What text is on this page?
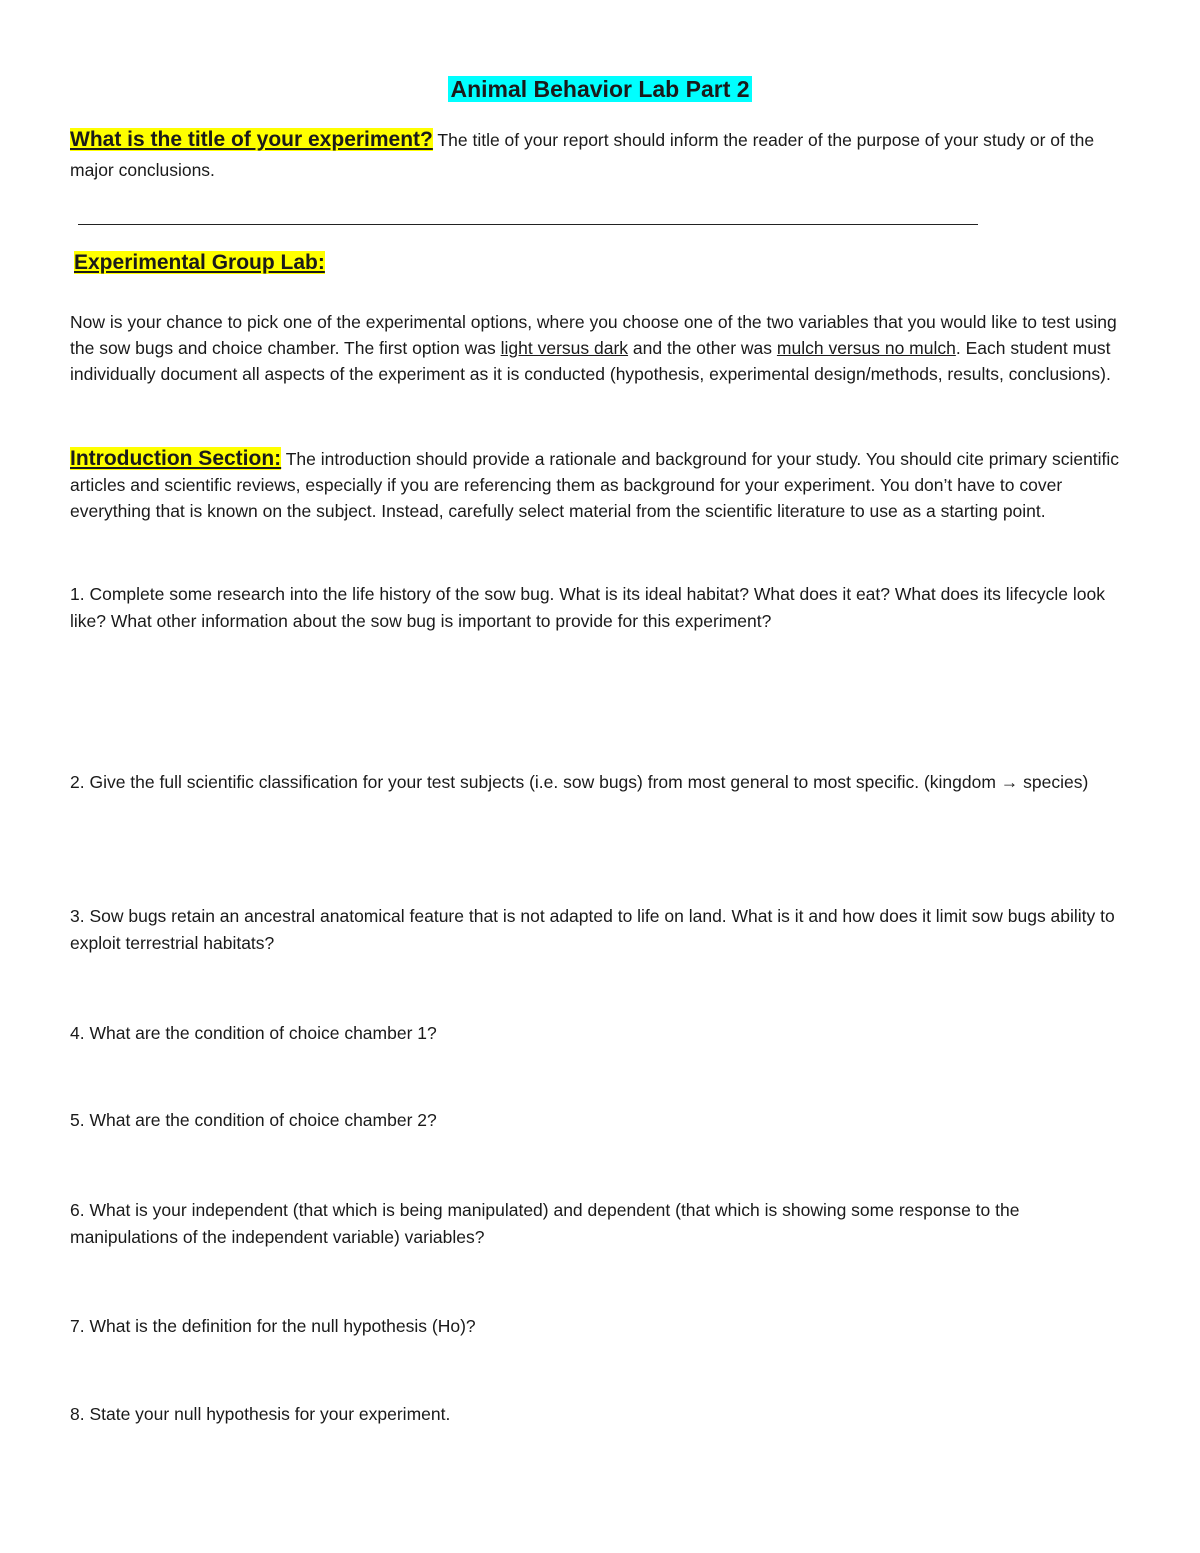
Animal Behavior Lab Part 2
What is the title of your experiment? The title of your report should inform the reader of the purpose of your study or of the major conclusions.
Experimental Group Lab:
Now is your chance to pick one of the experimental options, where you choose one of the two variables that you would like to test using the sow bugs and choice chamber. The first option was light versus dark and the other was mulch versus no mulch. Each student must individually document all aspects of the experiment as it is conducted (hypothesis, experimental design/methods, results, conclusions).
Introduction Section: The introduction should provide a rationale and background for your study. You should cite primary scientific articles and scientific reviews, especially if you are referencing them as background for your experiment. You don’t have to cover everything that is known on the subject. Instead, carefully select material from the scientific literature to use as a starting point.
1. Complete some research into the life history of the sow bug. What is its ideal habitat? What does it eat? What does its lifecycle look like? What other information about the sow bug is important to provide for this experiment?
2. Give the full scientific classification for your test subjects (i.e. sow bugs) from most general to most specific. (kingdom → species)
3. Sow bugs retain an ancestral anatomical feature that is not adapted to life on land. What is it and how does it limit sow bugs ability to exploit terrestrial habitats?
4. What are the condition of choice chamber 1?
5. What are the condition of choice chamber 2?
6. What is your independent (that which is being manipulated) and dependent (that which is showing some response to the manipulations of the independent variable) variables?
7. What is the definition for the null hypothesis (Ho)?
8. State your null hypothesis for your experiment.
